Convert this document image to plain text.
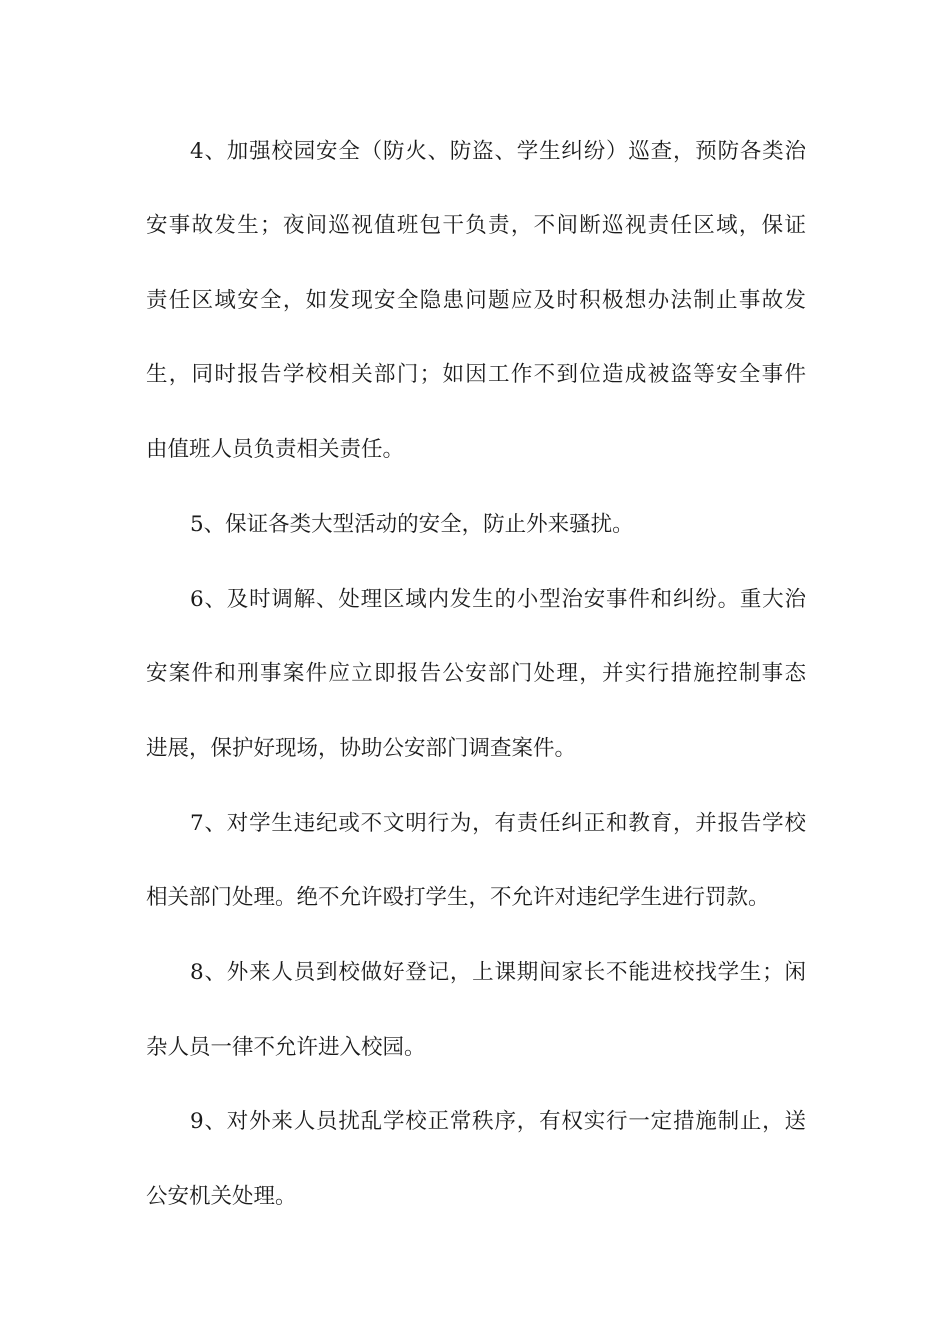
4、加强校园安全（防火、防盗、学生纠纷）巡查，预防各类治
安事故发生；夜间巡视值班包干负责，不间断巡视责任区域，保证
责任区域安全，如发现安全隐患问题应及时积极想办法制止事故发
生，同时报告学校相关部门；如因工作不到位造成被盗等安全事件
由值班人员负责相关责任。
5、保证各类大型活动的安全，防止外来骚扰。
6、及时调解、处理区域内发生的小型治安事件和纠纷。重大治
安案件和刑事案件应立即报告公安部门处理，并实行措施控制事态
进展，保护好现场，协助公安部门调查案件。
7、对学生违纪或不文明行为，有责任纠正和教育，并报告学校
相关部门处理。绝不允许殴打学生，不允许对违纪学生进行罚款。
8、外来人员到校做好登记，上课期间家长不能进校找学生；闲
杂人员一律不允许进入校园。
9、对外来人员扰乱学校正常秩序，有权实行一定措施制止，送
公安机关处理。
